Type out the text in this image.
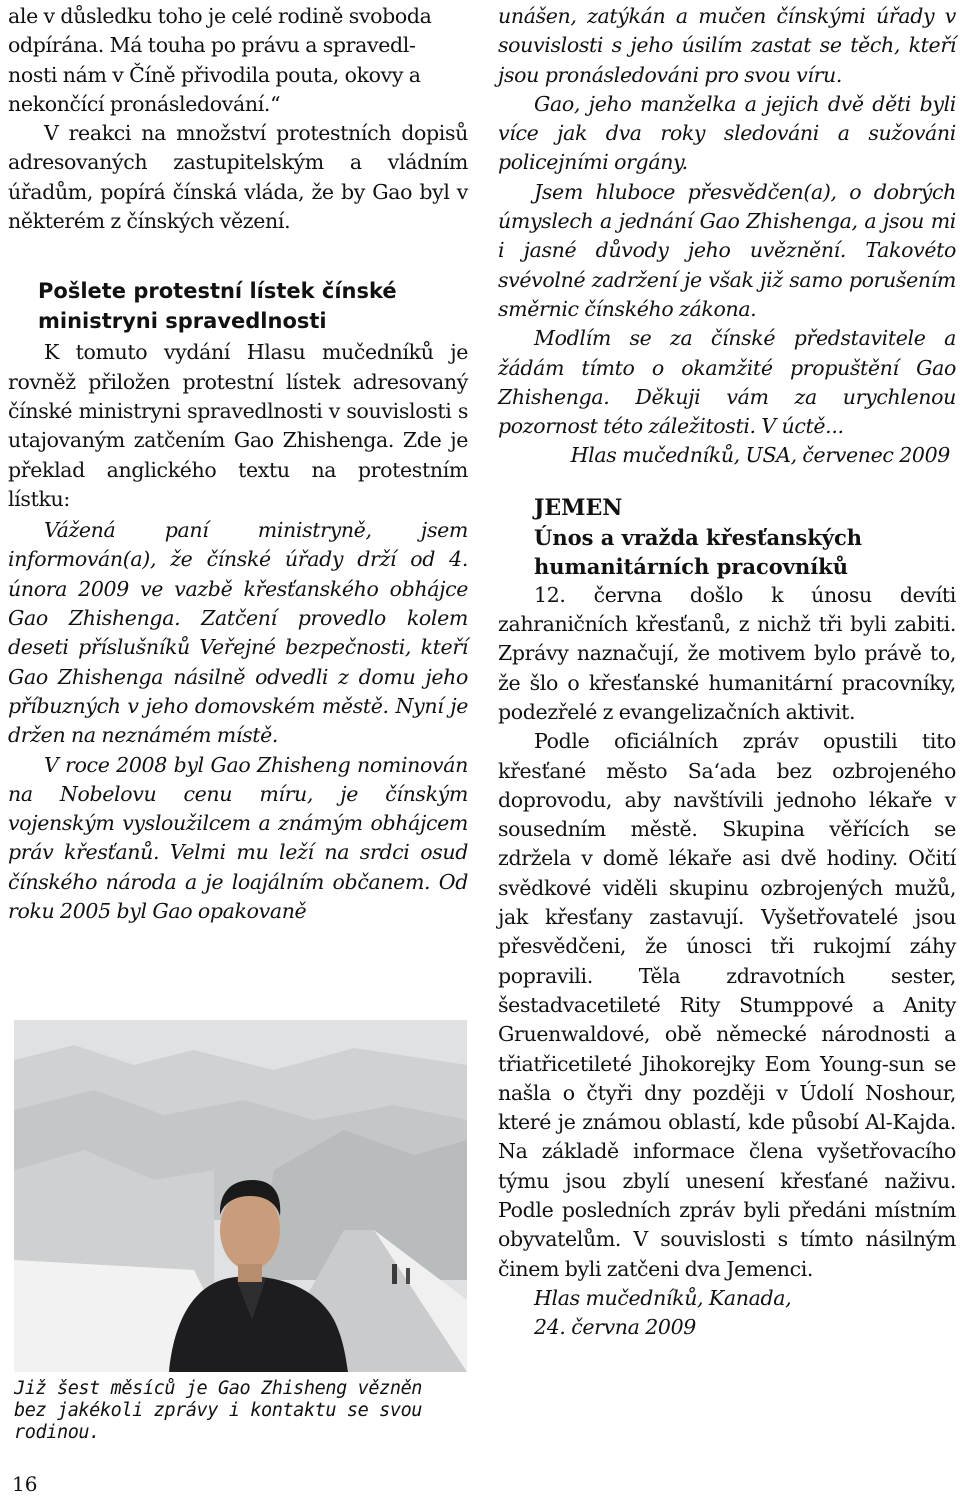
ale v důsledku toho je celé rodině svoboda

odpírána. Má touha po právu a spravedl-

nosti nám v Číně přivodila pouta, okovy a

nekončící pronásledování.“

V reakci na množství protestních dopisů adresovaných zastupitelským a vládním úřadům, popírá čínská vláda, že by Gao byl v některém z čínských vězení.

Pošlete protestní lístek čínské ministryni spravedlnosti

K tomuto vydání Hlasu mučedníků je rovněž přiložen protestní lístek adresovaný čínské ministryni spravedlnosti v souvislosti s utajovaným zatčením Gao Zhishenga. Zde je překlad anglického textu na protestním lístku:

Vážená paní ministryně, jsem informován(a), že čínské úřady drží od 4. února 2009 ve vazbě křesťanského obhájce Gao Zhishenga. Zatčení provedlo kolem deseti příslušníků Veřejné bezpečnosti, kteří Gao Zhishenga násilně odvedli z domu jeho příbuzných v jeho domovském městě. Nyní je držen na neznámém místě.

V roce 2008 byl Gao Zhisheng nominován na Nobelovu cenu míru, je čínským vojenským vysloužilcem a známým obhájcem práv křesťanů. Velmi mu leží na srdci osud čínského národa a je loajálním občanem. Od roku 2005 byl Gao opakovaně

Již šest měsíců je Gao Zhisheng vězněn bez jakékoli zprávy i kontaktu se svou rodinou.
16

unášen, zatýkán a mučen čínskými úřady v souvislosti s jeho úsilím zastat se těch, kteří jsou pronásledováni pro svou víru.

Gao, jeho manželka a jejich dvě děti byli více jak dva roky sledováni a sužováni policejními orgány.

Jsem hluboce přesvědčen(a), o dobrých úmyslech a jednání Gao Zhishenga, a jsou mi i jasné důvody jeho uvěznění. Takovéto svévolné zadržení je však již samo porušením směrnic čínského zákona.

Modlím se za čínské představitele a žádám tímto o okamžité propuštění Gao Zhishenga. Děkuji vám za urychlenou pozornost této záležitosti. V úctě...

Hlas mučedníků, USA, červenec 2009

JEMEN
Únos a vražda křesťanských humanitárních pracovníků

12. června došlo k únosu devíti zahraničních křesťanů, z nichž tři byli zabiti. Zprávy naznačují, že motivem bylo právě to, že šlo o křesťanské humanitární pracovníky, podezřelé z evangelizačních aktivit.

Podle oficiálních zpráv opustili tito křesťané město Sa‘ada bez ozbrojeného doprovodu, aby navštívili jednoho lékaře v sousedním městě. Skupina věřících se zdržela v domě lékaře asi dvě hodiny. Očití svědkové viděli skupinu ozbrojených mužů, jak křesťany zastavují. Vyšetřovatelé jsou přesvědčeni, že únosci tři rukojmí záhy popravili. Těla zdravotních sester, šestadvacetileté Rity Stumppové a Anity Gruenwaldové, obě německé národnosti a třiatřicetileté Jihokorejky Eom Young-sun se našla o čtyři dny později v Údolí Noshour, které je známou oblastí, kde působí Al-Kajda. Na základě informace člena vyšetřovacího týmu jsou zbylí unesení křesťané naživu. Podle posledních zpráv byli předáni místním obyvatelům. V souvislosti s tímto násilným činem byli zatčeni dva Jemenci.

Hlas mučedníků, Kanada,

24. června 2009
